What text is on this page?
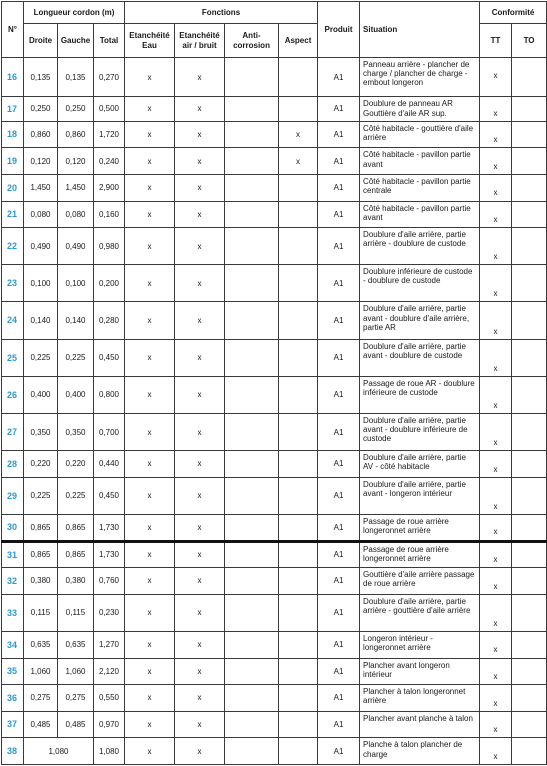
N°	Longueur cordon (m)			Fonctions				Produit	Situation	Conformité	
	Droite	Gauche	Total	Etanchéité Eau	Etanchéité air / bruit	Anti-corrosion	Aspect			TT	TO
16	0,135	0,135	0,270	x	x			A1	Panneau arrière - plancher de charge / plancher de charge - embout longeron	x	
17	0,250	0,250	0,500	x	x			A1	Doublure de panneau AR Gouttière d'aile AR sup.	x	
18	0,860	0,860	1,720	x	x		x	A1	Côté habitacle - gouttière d'aile arrière	x	
19	0,120	0,120	0,240	x	x		x	A1	Côté habitacle - pavillon partie avant	x	
20	1,450	1,450	2,900	x	x			A1	Côté habitacle - pavillon partie centrale	x	
21	0,080	0,080	0,160	x	x			A1	Côté habitacle - pavillon partie avant	x	
22	0,490	0,490	0,980	x	x			A1	Doublure d'aile arrière, partie arrière - doublure de custode	x	
23	0,100	0,100	0,200	x	x			A1	Doublure inférieure de custode - doublure de custode	x	
24	0,140	0,140	0,280	x	x			A1	Doublure d'aile arrière, partie avant - doublure d'aile arrière, partie AR	x	
25	0,225	0,225	0,450	x	x			A1	Doublure d'aile arrière, partie avant - doublure de custode	x	
26	0,400	0,400	0,800	x	x			A1	Passage de roue AR - doublure inférieure de custode	x	
27	0,350	0,350	0,700	x	x			A1	Doublure d'aile arrière, partie avant - doublure inférieure de custode	x	
28	0,220	0,220	0,440	x	x			A1	Doublure d'aile arrière, partie AV - côté habitacle	x	
29	0,225	0,225	0,450	x	x			A1	Doublure d'aile arrière, partie avant - longeron intérieur	x	
30	0,865	0,865	1,730	x	x			A1	Passage de roue arrière longeronnet arrière	x	
31	0,865	0,865	1,730	x	x			A1	Passage de roue arrière longeronnet arrière	x	
32	0,380	0,380	0,760	x	x			A1	Gouttière d'aile arrière passage de roue arrière	x	
33	0,115	0,115	0,230	x	x			A1	Doublure d'aile arrière, partie arrière - gouttière d'aile arrière	x	
34	0,635	0,635	1,270	x	x			A1	Longeron intérieur - longeronnet arrière	x	
35	1,060	1,060	2,120	x	x			A1	Plancher avant longeron intérieur	x	
36	0,275	0,275	0,550	x	x			A1	Plancher à talon longeronnet arrière	x	
37	0,485	0,485	0,970	x	x			A1	Plancher avant planche à talon	x	
38	1,080		1,080	x	x			A1	Planche à talon plancher de charge	x	
